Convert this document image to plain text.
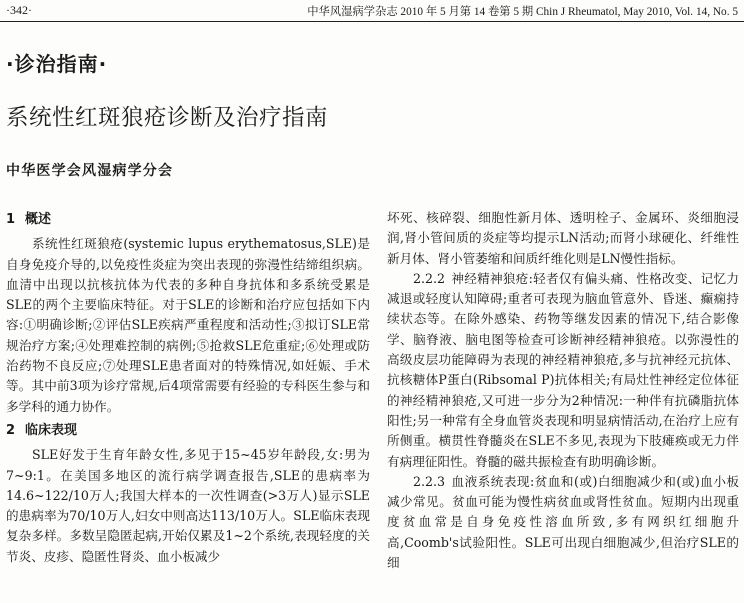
·342·	中华风湿病学杂志 2010 年 5 月第 14 卷第 5 期 Chin J Rheumatol, May 2010, Vol. 14, No. 5
·诊治指南·
系统性红斑狼疮诊断及治疗指南
中华医学会风湿病学分会
1 概述

系统性红斑狼疮(systemic lupus erythematosus,SLE)是自身免疫介导的,以免疫性炎症为突出表现的弥漫性结缔组织病。血清中出现以抗核抗体为代表的多种自身抗体和多系统受累是SLE的两个主要临床特征。对于SLE的诊断和治疗应包括如下内容:①明确诊断;②评估SLE疾病严重程度和活动性;③拟订SLE常规治疗方案;④处理难控制的病例;⑤抢救SLE危重症;⑥处理或防治药物不良反应;⑦处理SLE患者面对的特殊情况,如妊娠、手术等。其中前3项为诊疗常规,后4项常需要有经验的专科医生参与和多学科的通力协作。

2 临床表现

SLE好发于生育年龄女性,多见于15~45岁年龄段,女:男为7~9:1。在美国多地区的流行病学调查报告,SLE的患病率为14.6~122/10万人;我国大样本的一次性调查(>3万人)显示SLE的患病率为70/10万人,妇女中则高达113/10万人。SLE临床表现复杂多样。多数呈隐匿起病,开始仅累及1~2个系统,表现轻度的关节炎、皮疹、隐匿性肾炎、血小板减少

坏死、核碎裂、细胞性新月体、透明栓子、金属环、炎细胞浸润,肾小管间质的炎症等均提示LN活动;而肾小球硬化、纤维性新月体、肾小管萎缩和间质纤维化则是LN慢性指标。

2.2.2 神经精神狼疮:轻者仅有偏头痛、性格改变、记忆力减退或轻度认知障碍;重者可表现为脑血管意外、昏迷、癫痫持续状态等。在除外感染、药物等继发因素的情况下,结合影像学、脑脊液、脑电图等检查可诊断神经精神狼疮。以弥漫性的高级皮层功能障碍为表现的神经精神狼疮,多与抗神经元抗体、抗核糖体P蛋白(Ribsomal P)抗体相关;有局灶性神经定位体征的神经精神狼疮,又可进一步分为2种情况:一种伴有抗磷脂抗体阳性;另一种常有全身血管炎表现和明显病情活动,在治疗上应有所侧重。横贯性脊髓炎在SLE不多见,表现为下肢瘫痪或无力伴有病理征阳性。脊髓的磁共振检查有助明确诊断。

2.2.3 血液系统表现:贫血和(或)白细胞减少和(或)血小板减少常见。贫血可能为慢性病贫血或肾性贫血。短期内出现重度贫血常是自身免疫性溶血所致,多有网织红细胞升高,Coomb's试验阳性。SLE可出现白细胞减少,但治疗SLE的细
